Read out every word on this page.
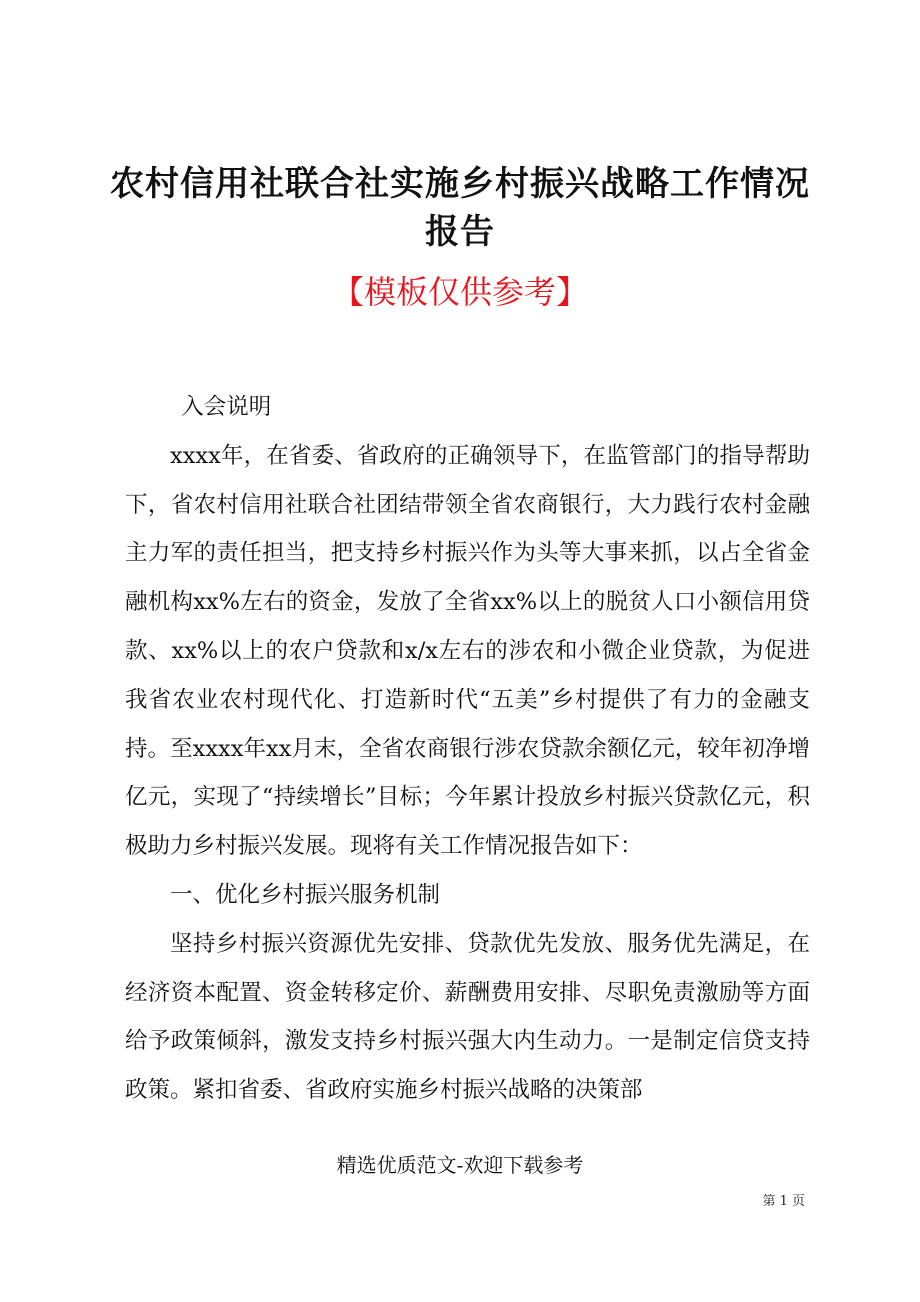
农村信用社联合社实施乡村振兴战略工作情况报告
【模板仅供参考】

入会说明

xxxx年，在省委、省政府的正确领导下，在监管部门的指导帮助下，省农村信用社联合社团结带领全省农商银行，大力践行农村金融主力军的责任担当，把支持乡村振兴作为头等大事来抓，以占全省金融机构xx%左右的资金，发放了全省xx%以上的脱贫人口小额信用贷款、xx%以上的农户贷款和x/x左右的涉农和小微企业贷款，为促进我省农业农村现代化、打造新时代“五美”乡村提供了有力的金融支持。至xxxx年xx月末，全省农商银行涉农贷款余额亿元，较年初净增亿元，实现了“持续增长”目标；今年累计投放乡村振兴贷款亿元，积极助力乡村振兴发展。现将有关工作情况报告如下：

一、优化乡村振兴服务机制

坚持乡村振兴资源优先安排、贷款优先发放、服务优先满足，在经济资本配置、资金转移定价、薪酬费用安排、尽职免责激励等方面给予政策倾斜，激发支持乡村振兴强大内生动力。一是制定信贷支持政策。紧扣省委、省政府实施乡村振兴战略的决策部

精选优质范文-欢迎下载参考
第 1 页
